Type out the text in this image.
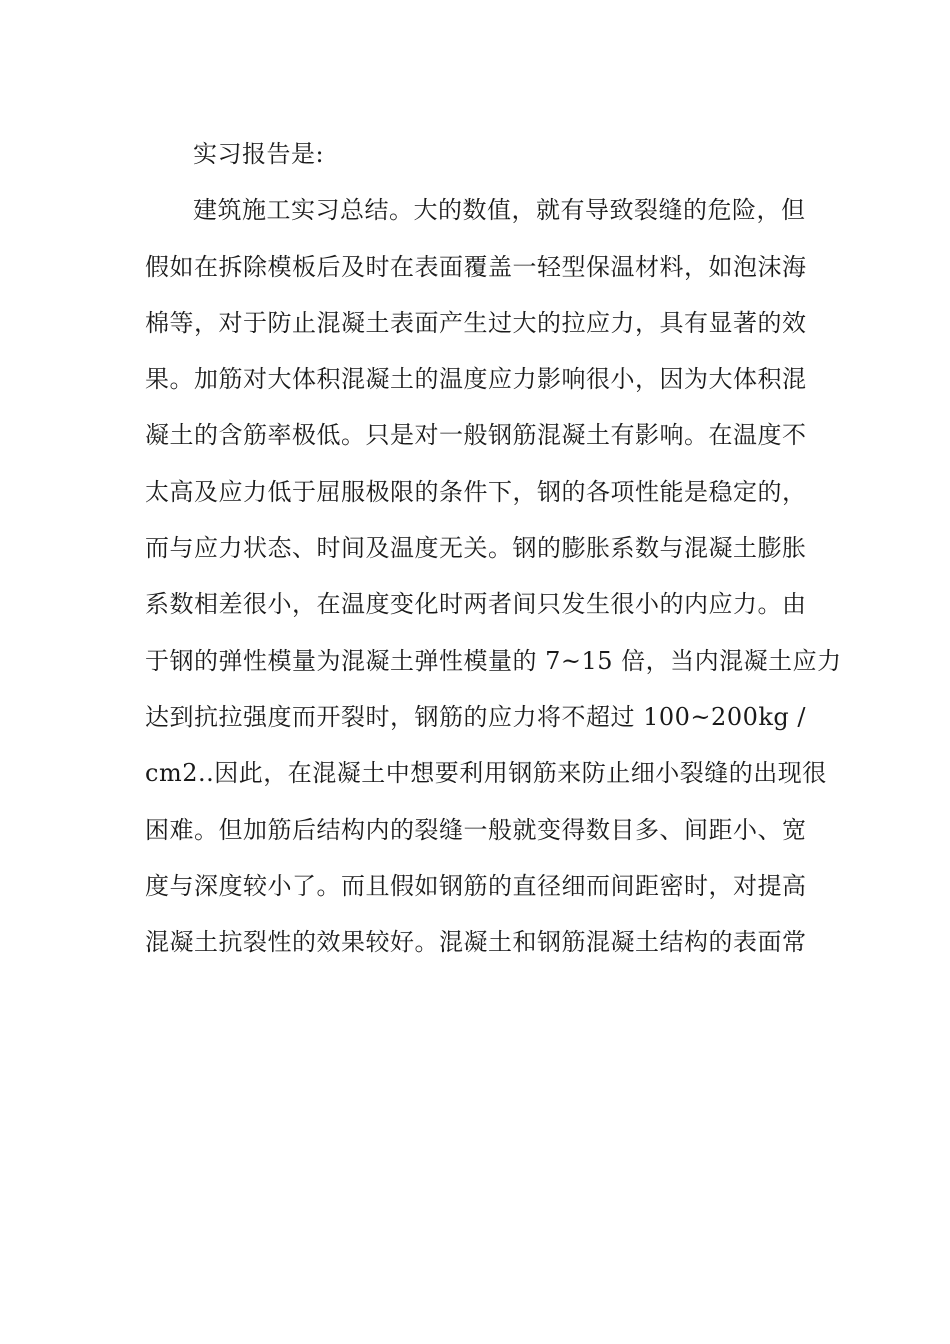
实习报告是:
建筑施工实习总结。大的数值，就有导致裂缝的危险，但
假如在拆除模板后及时在表面覆盖一轻型保温材料，如泡沫海
棉等，对于防止混凝土表面产生过大的拉应力，具有显著的效
果。加筋对大体积混凝土的温度应力影响很小，因为大体积混
凝土的含筋率极低。只是对一般钢筋混凝土有影响。在温度不
太高及应力低于屈服极限的条件下，钢的各项性能是稳定的，
而与应力状态、时间及温度无关。钢的膨胀系数与混凝土膨胀
系数相差很小，在温度变化时两者间只发生很小的内应力。由
于钢的弹性模量为混凝土弹性模量的 7~15 倍，当内混凝土应力
达到抗拉强度而开裂时，钢筋的应力将不超过 100~200kg /
cm2..因此，在混凝土中想要利用钢筋来防止细小裂缝的出现很
困难。但加筋后结构内的裂缝一般就变得数目多、间距小、宽
度与深度较小了。而且假如钢筋的直径细而间距密时，对提高
混凝土抗裂性的效果较好。混凝土和钢筋混凝土结构的表面常
